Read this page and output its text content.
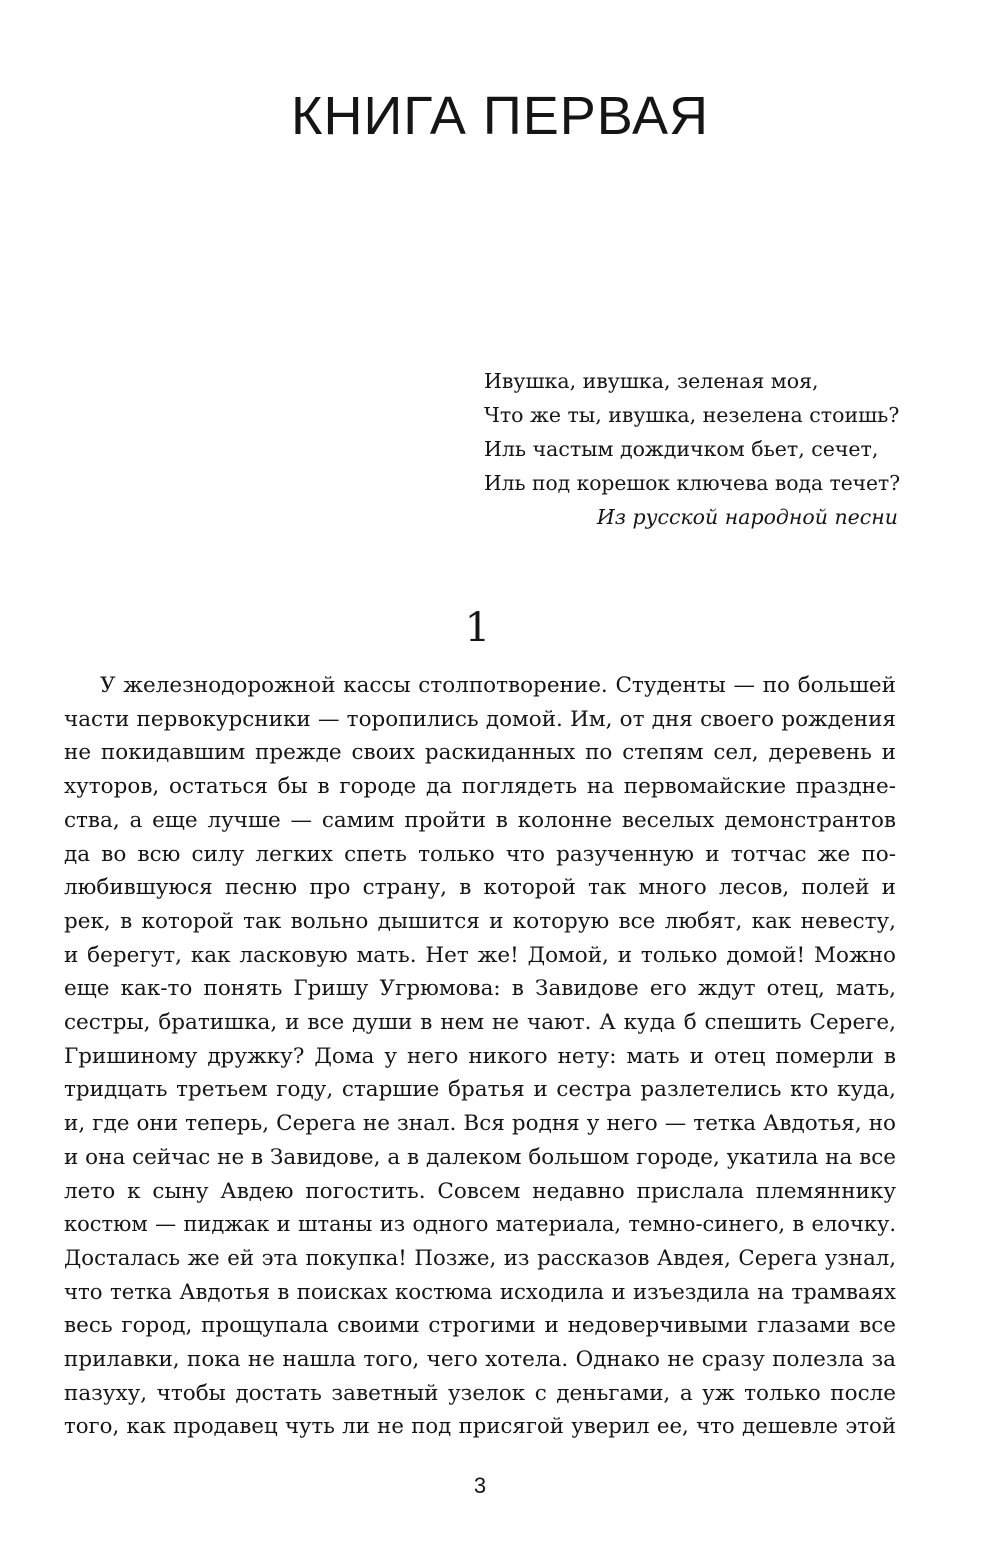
КНИГА ПЕРВАЯ
Ивушка, ивушка, зеленая моя,
Что же ты, ивушка, незелена стоишь?
Иль частым дождичком бьет, сечет,
Иль под корешок ключева вода течет?
Из русской народной песни
1
У железнодорожной кассы столпотворение. Студенты — по большей
части первокурсники — торопились домой. Им, от дня своего рождения
не покидавшим прежде своих раскиданных по степям сел, деревень и
хуторов, остаться бы в городе да поглядеть на первомайские праздне-
ства, а еще лучше — самим пройти в колонне веселых демонстрантов
да во всю силу легких спеть только что разученную и тотчас же по-
любившуюся песню про страну, в которой так много лесов, полей и
рек, в которой так вольно дышится и которую все любят, как невесту,
и берегут, как ласковую мать. Нет же! Домой, и только домой! Можно
еще как-то понять Гришу Угрюмова: в Завидове его ждут отец, мать,
сестры, братишка, и все души в нем не чают. А куда б спешить Сереге,
Гришиному дружку? Дома у него никого нету: мать и отец померли в
тридцать третьем году, старшие братья и сестра разлетелись кто куда,
и, где они теперь, Серега не знал. Вся родня у него — тетка Авдотья, но
и она сейчас не в Завидове, а в далеком большом городе, укатила на все
лето к сыну Авдею погостить. Совсем недавно прислала племяннику
костюм — пиджак и штаны из одного материала, темно-синего, в елочку.
Досталась же ей эта покупка! Позже, из рассказов Авдея, Серега узнал,
что тетка Авдотья в поисках костюма исходила и изъездила на трамваях
весь город, прощупала своими строгими и недоверчивыми глазами все
прилавки, пока не нашла того, чего хотела. Однако не сразу полезла за
пазуху, чтобы достать заветный узелок с деньгами, а уж только после
того, как продавец чуть ли не под присягой уверил ее, что дешевле этой
3
